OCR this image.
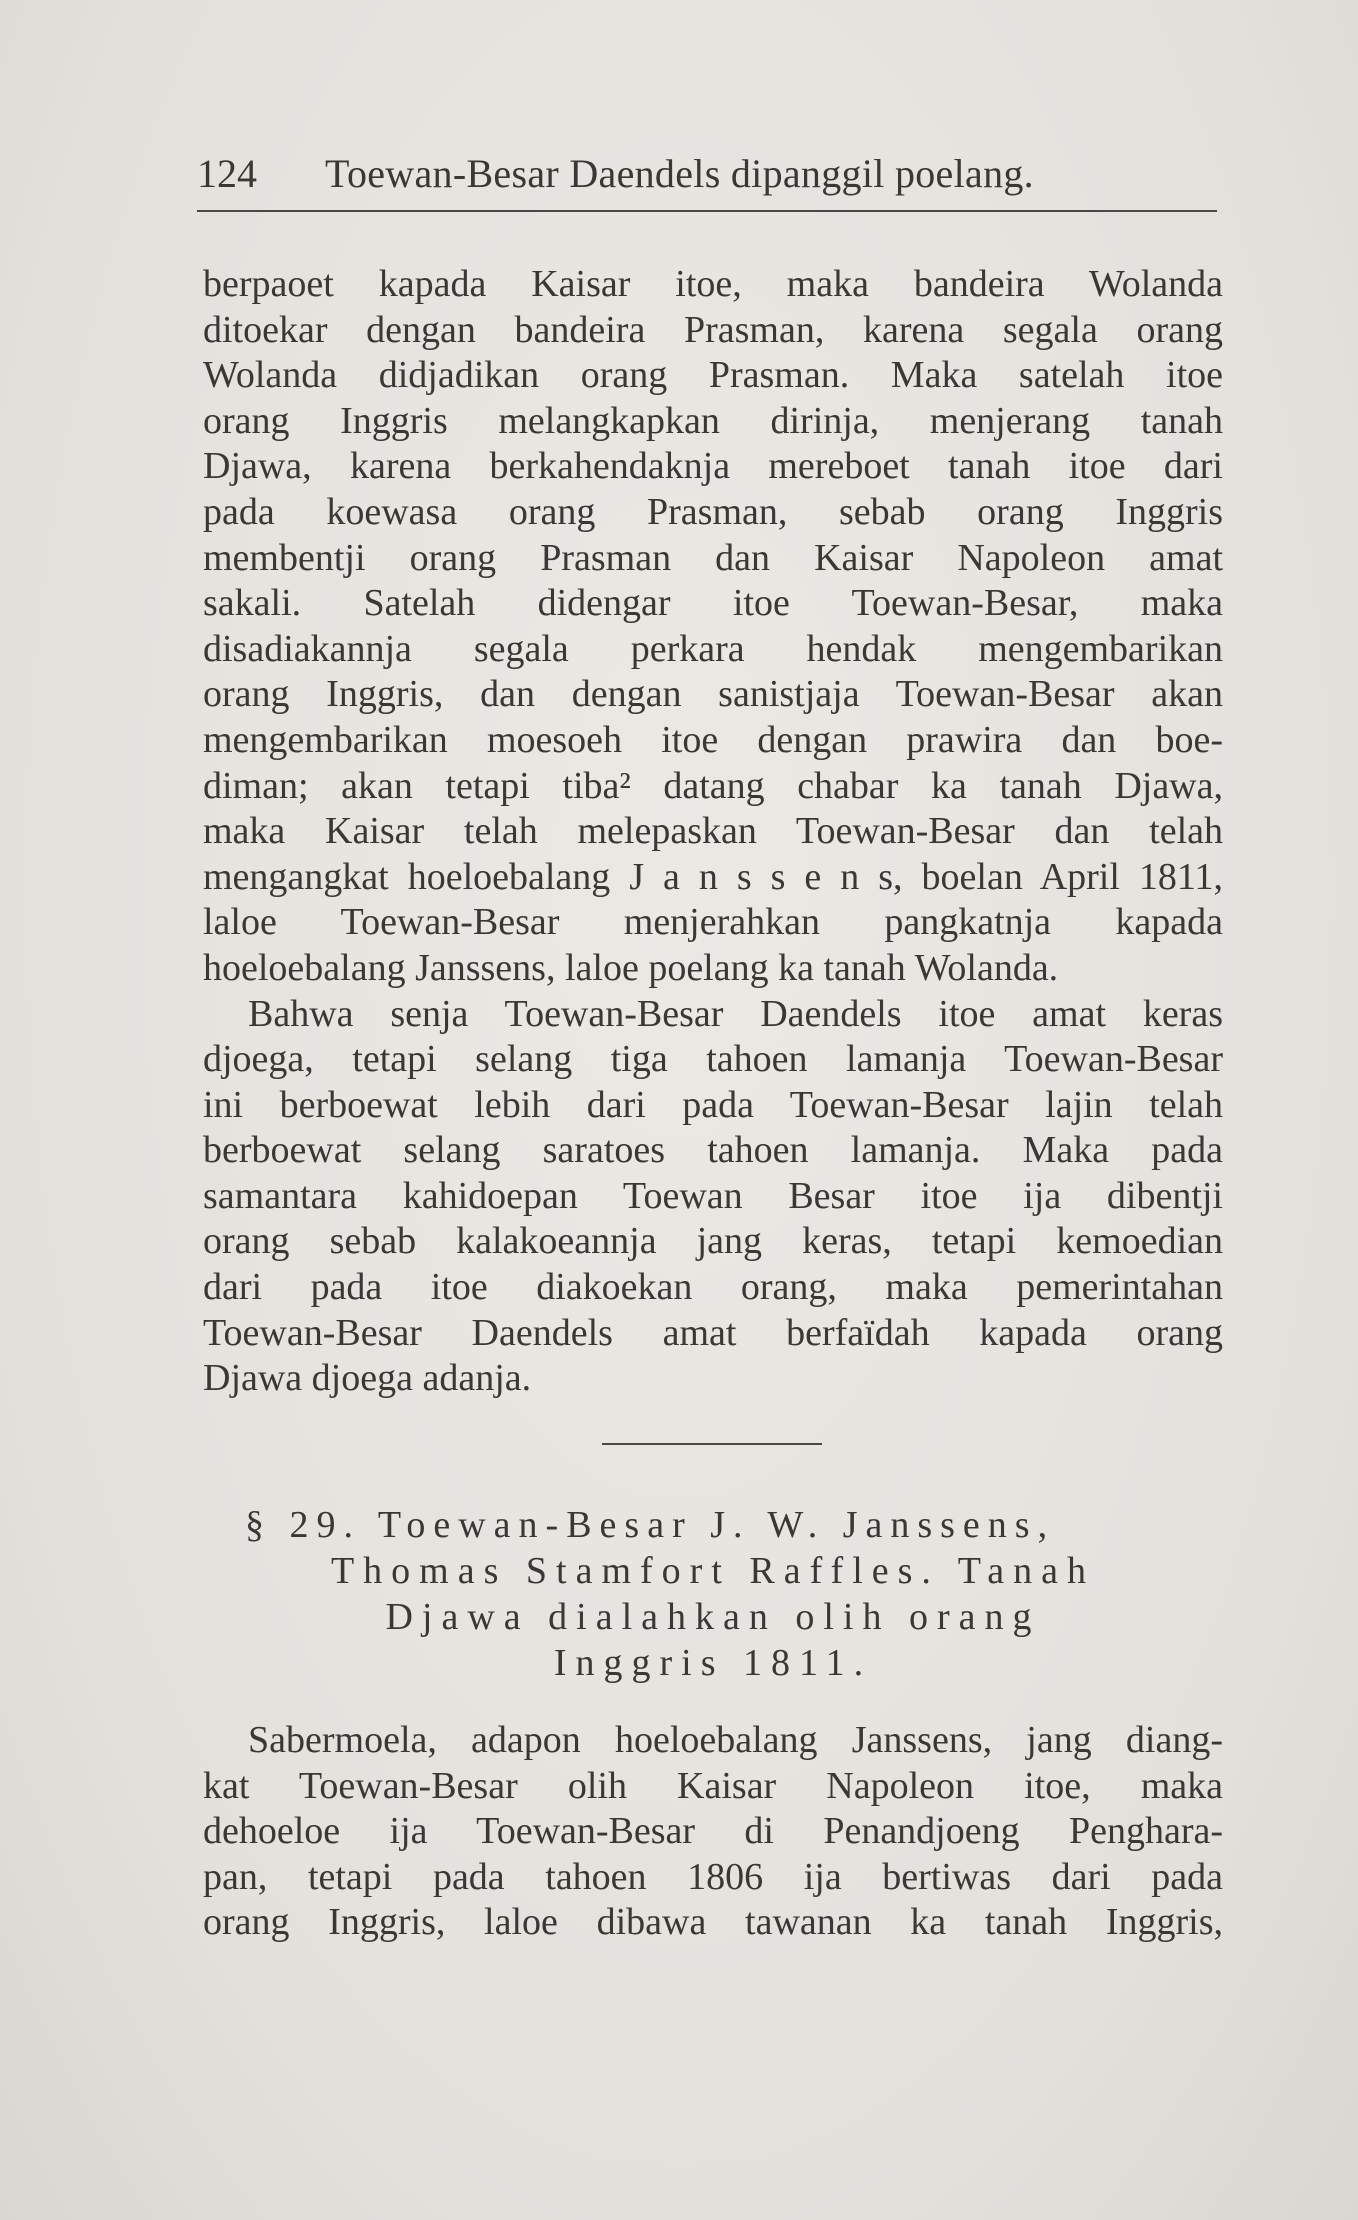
124 Toewan-Besar Daendels dipanggil poelang.
berpaoet kapada Kaisar itoe, maka bandeira Wolanda
ditoekar dengan bandeira Prasman, karena segala orang
Wolanda didjadikan orang Prasman. Maka satelah itoe
orang Inggris melangkapkan dirinja, menjerang tanah
Djawa, karena berkahendaknja mereboet tanah itoe dari
pada koewasa orang Prasman, sebab orang Inggris
membentji orang Prasman dan Kaisar Napoleon amat
sakali. Satelah didengar itoe Toewan-Besar, maka
disadiakannja segala perkara hendak mengembarikan
orang Inggris, dan dengan sanistjaja Toewan-Besar akan
mengembarikan moesoeh itoe dengan prawira dan boe-
diman; akan tetapi tiba² datang chabar ka tanah Djawa,
maka Kaisar telah melepaskan Toewan-Besar dan telah
mengangkat hoeloebalang J a n s s e n s, boelan April 1811,
laloe Toewan-Besar menjerahkan pangkatnja kapada
hoeloebalang Janssens, laloe poelang ka tanah Wolanda.
Bahwa senja Toewan-Besar Daendels itoe amat keras
djoega, tetapi selang tiga tahoen lamanja Toewan-Besar
ini berboewat lebih dari pada Toewan-Besar lajin telah
berboewat selang saratoes tahoen lamanja. Maka pada
samantara kahidoepan Toewan Besar itoe ija dibentji
orang sebab kalakoeannja jang keras, tetapi kemoedian
dari pada itoe diakoekan orang, maka pemerintahan
Toewan-Besar Daendels amat berfaïdah kapada orang
Djawa djoega adanja.
§ 29. Toewan-Besar J. W. Janssens,
Thomas Stamfort Raffles. Tanah
Djawa dialahkan olih orang
Inggris 1811.
Sabermoela, adapon hoeloebalang Janssens, jang diang-
kat Toewan-Besar olih Kaisar Napoleon itoe, maka
dehoeloe ija Toewan-Besar di Penandjoeng Penghara-
pan, tetapi pada tahoen 1806 ija bertiwas dari pada
orang Inggris, laloe dibawa tawanan ka tanah Inggris,
